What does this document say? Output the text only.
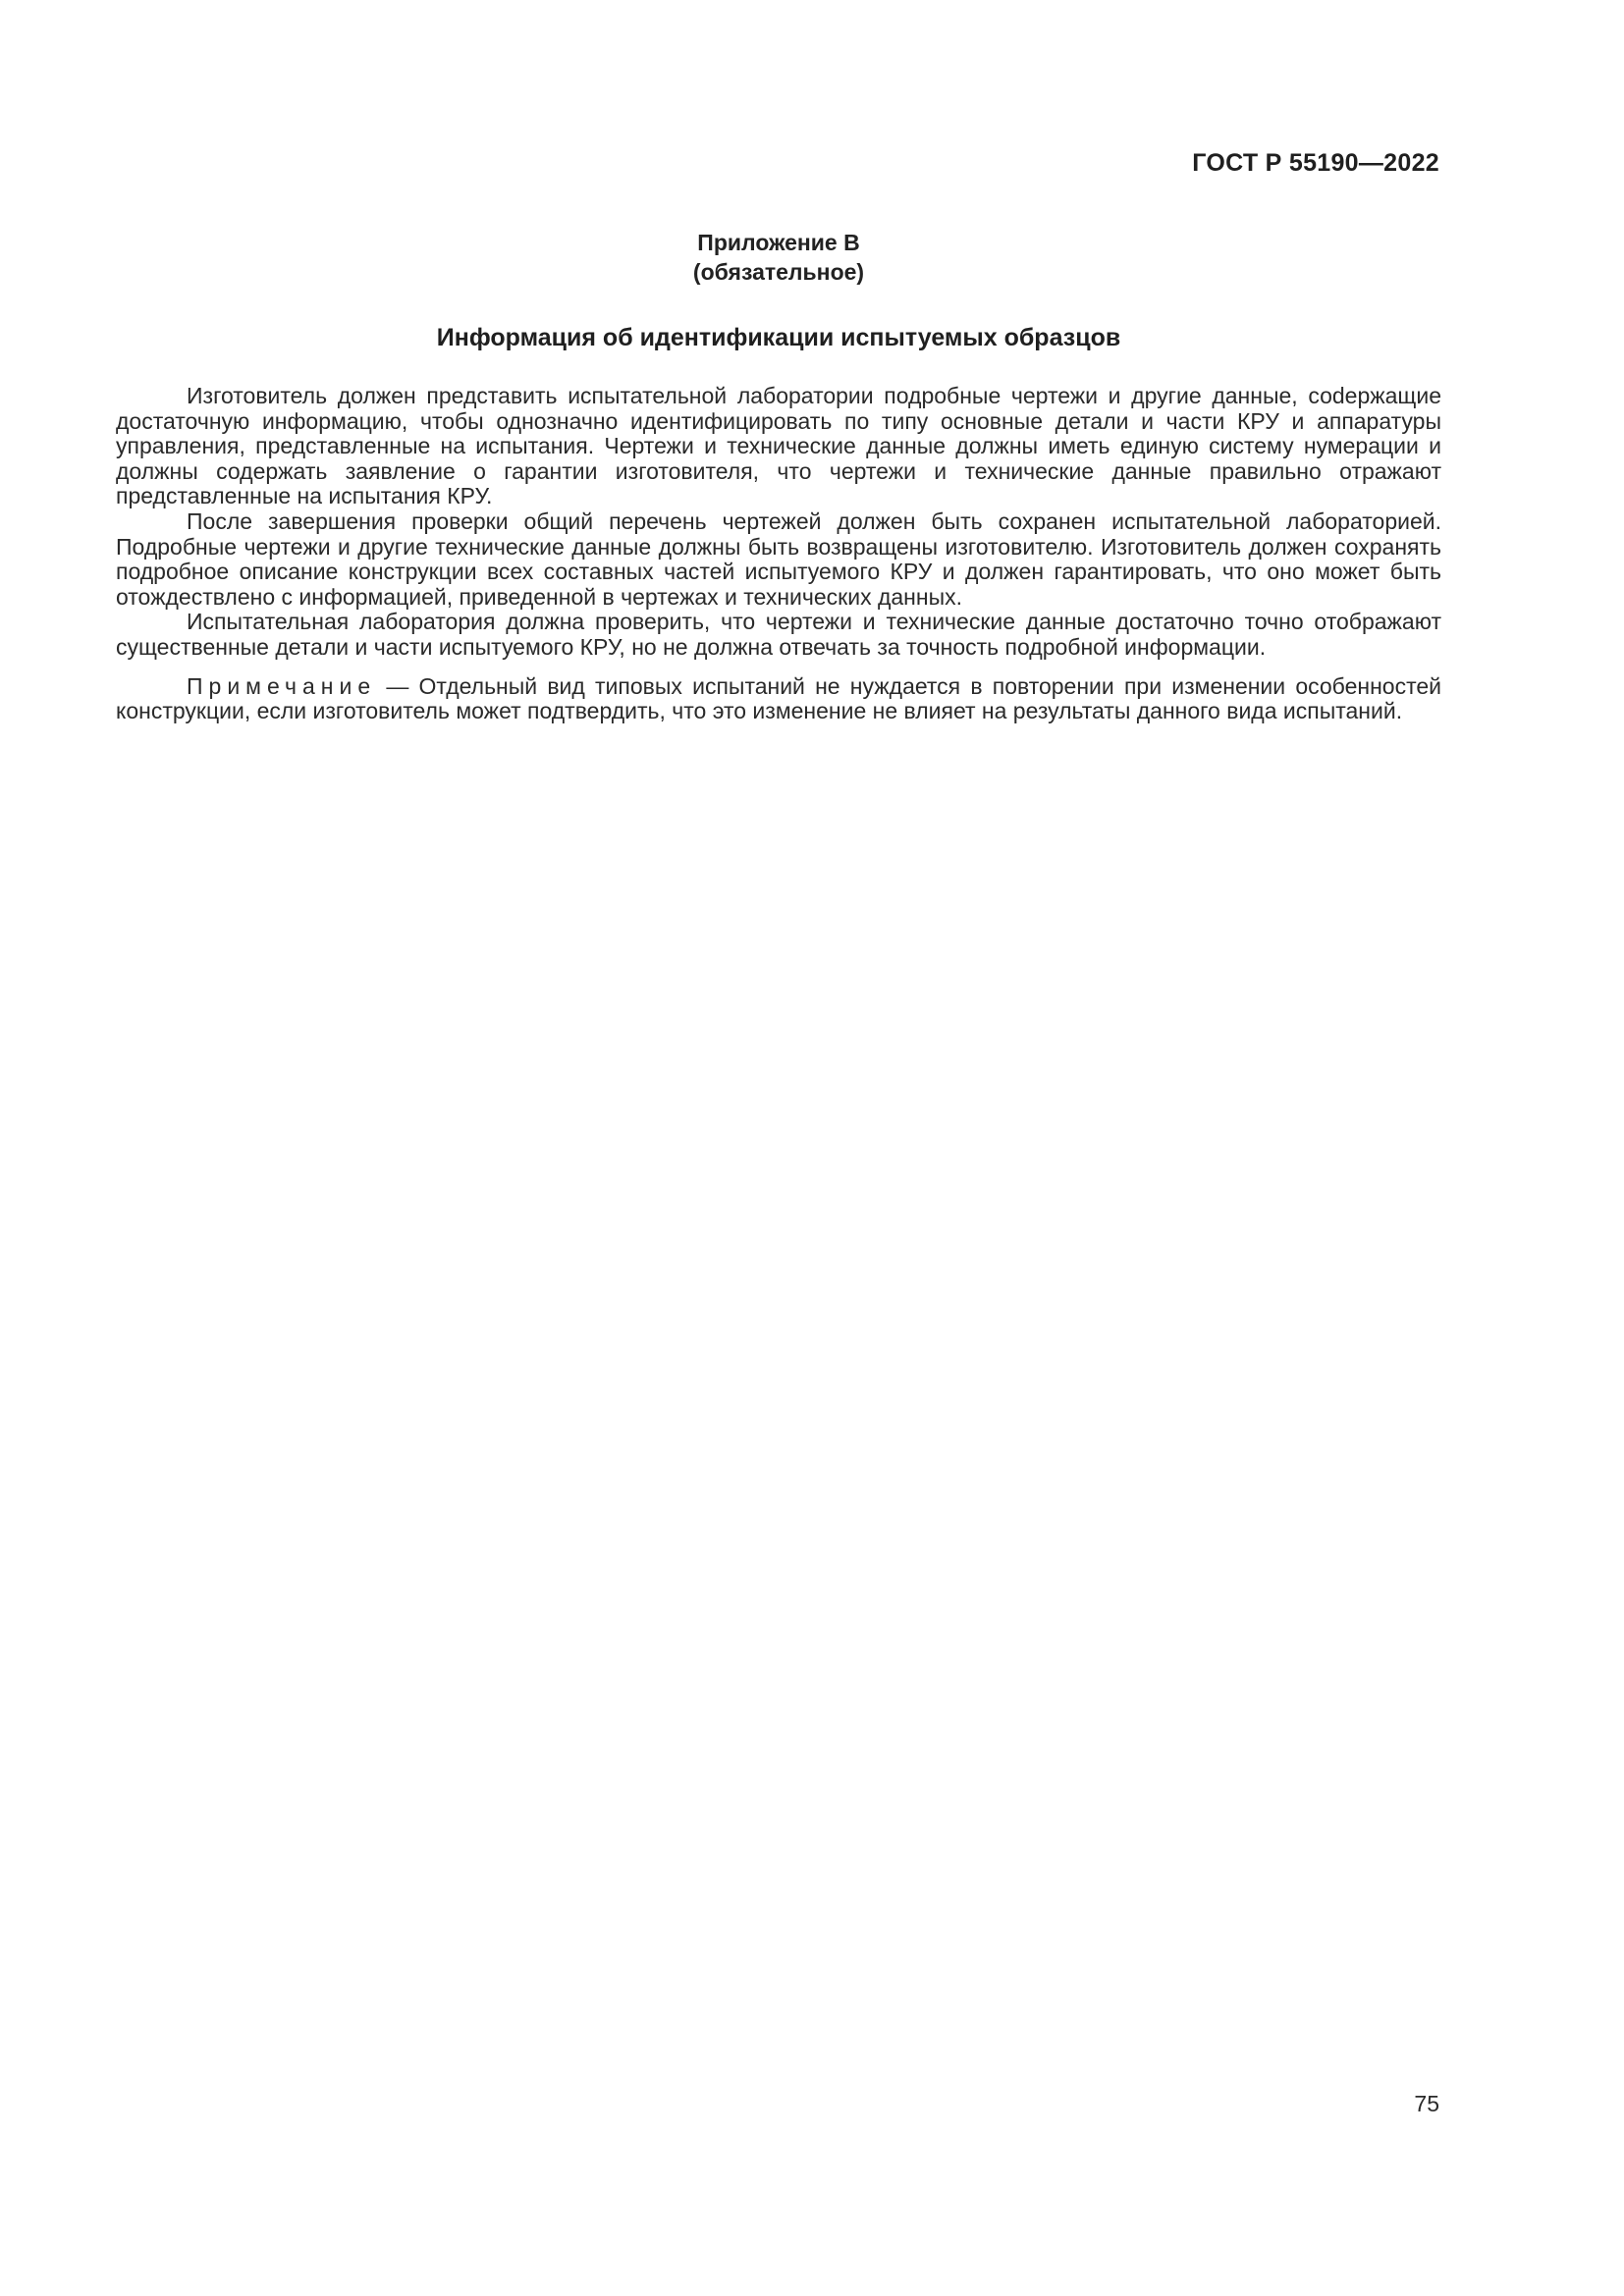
ГОСТ Р 55190—2022

Приложение В
(обязательное)
Информация об идентификации испытуемых образцов

Изготовитель должен представить испытательной лаборатории подробные чертежи и другие данные, соdержащие достаточную информацию, чтобы однозначно идентифицировать по типу основные детали и части КРУ и аппаратуры управления, представленные на испытания. Чертежи и технические данные должны иметь единую систему нумерации и должны содержать заявление о гарантии изготовителя, что чертежи и технические данные правильно отражают представленные на испытания КРУ.

После завершения проверки общий перечень чертежей должен быть сохранен испытательной лабораторией. Подробные чертежи и другие технические данные должны быть возвращены изготовителю. Изготовитель должен сохранять подробное описание конструкции всех составных частей испытуемого КРУ и должен гарантировать, что оно может быть отождествлено с информацией, приведенной в чертежах и технических данных.

Испытательная лаборатория должна проверить, что чертежи и технические данные достаточно точно отображают существенные детали и части испытуемого КРУ, но не должна отвечать за точность подробной информации.

Примечание — Отдельный вид типовых испытаний не нуждается в повторении при изменении особенностей конструкции, если изготовитель может подтвердить, что это изменение не влияет на результаты данного вида испытаний.

75
